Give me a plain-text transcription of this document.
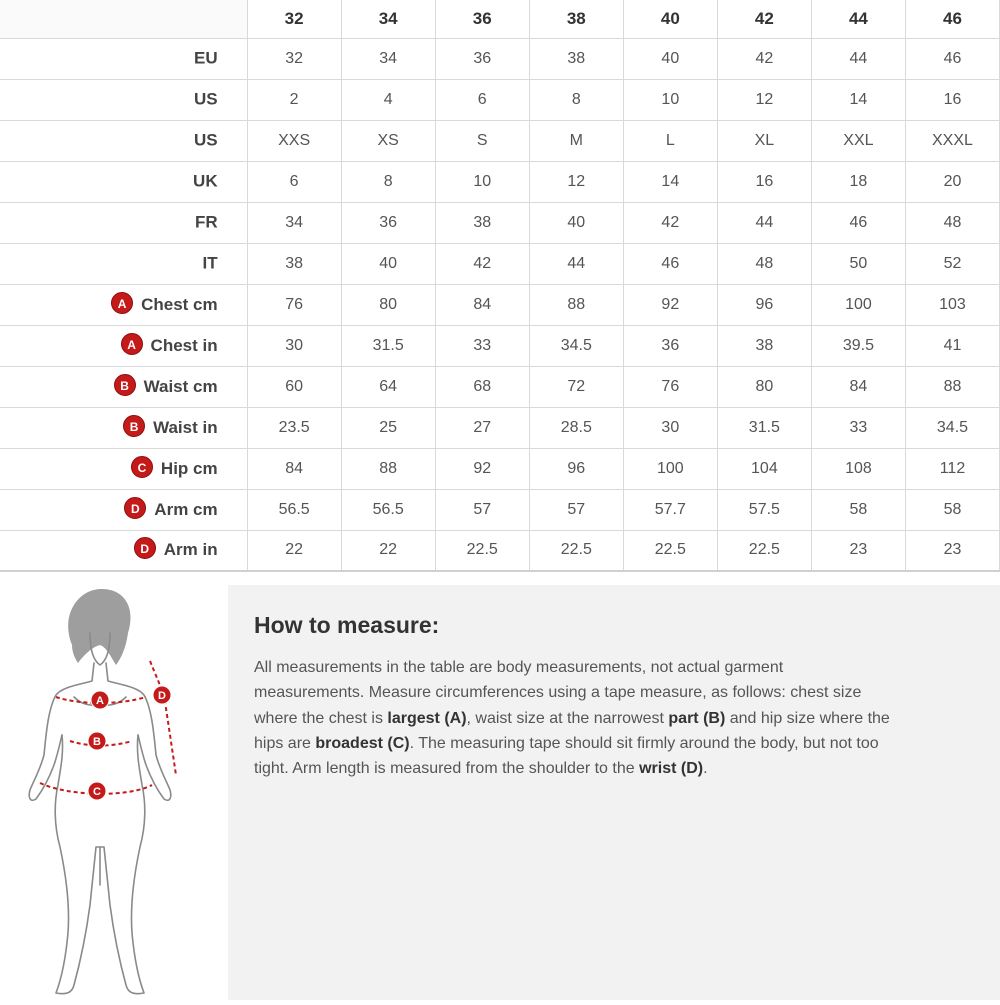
	32	34	36	38	40	42	44	46
EU	32	34	36	38	40	42	44	46
US	2	4	6	8	10	12	14	16
US	XXS	XS	S	M	L	XL	XXL	XXXL
UK	6	8	10	12	14	16	18	20
FR	34	36	38	40	42	44	46	48
IT	38	40	42	44	46	48	50	52
A Chest cm	76	80	84	88	92	96	100	103
A Chest in	30	31.5	33	34.5	36	38	39.5	41
B Waist cm	60	64	68	72	76	80	84	88
B Waist in	23.5	25	27	28.5	30	31.5	33	34.5
C Hip cm	84	88	92	96	100	104	108	112
D Arm cm	56.5	56.5	57	57	57.7	57.5	58	58
D Arm in	22	22	22.5	22.5	22.5	22.5	23	23
A
B
C
D
How to measure:

All measurements in the table are body measurements, not actual garment measurements. Measure circumferences using a tape measure, as follows: chest size where the chest is largest (A), waist size at the narrowest part (B) and hip size where the hips are broadest (C). The measuring tape should sit firmly around the body, but not too tight. Arm length is measured from the shoulder to the wrist (D).
